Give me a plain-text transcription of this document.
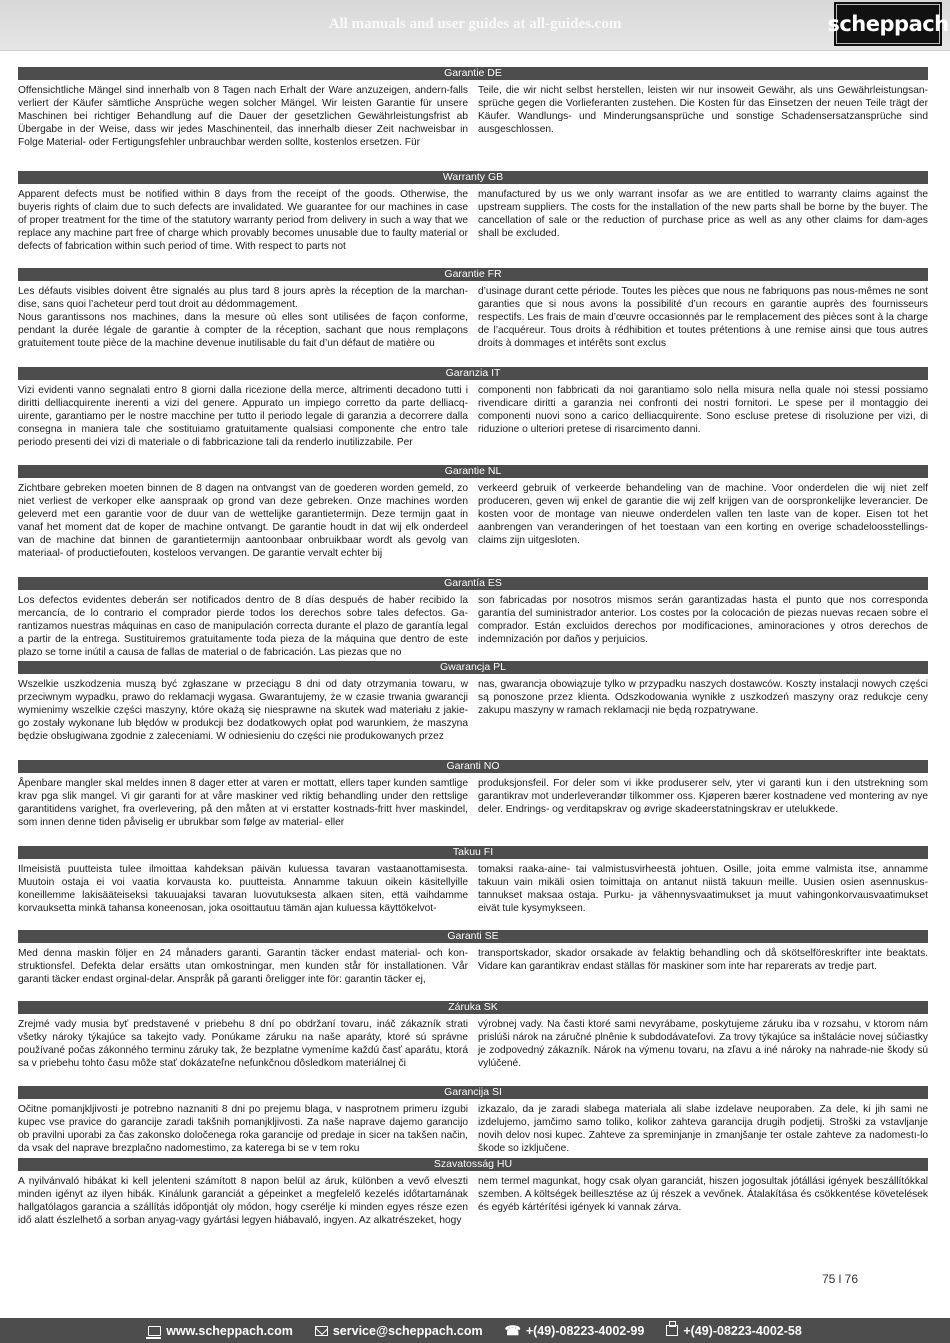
All manuals and user guides at all-guides.com	scheppach
Garantie DE

Offensichtliche Mängel sind innerhalb von 8 Tagen nach Erhalt der Ware anzuzeigen, andern-falls verliert der Käufer sämtliche Ansprüche wegen solcher Mängel. Wir leisten Garantie für unsere Maschinen bei richtiger Behandlung auf die Dauer der gesetzlichen Gewährleistungsfrist ab Übergabe in der Weise, dass wir jedes Maschinenteil, das innerhalb dieser Zeit nachweisbar in Folge Material- oder Fertigungsfehler unbrauchbar werden sollte, kostenlos ersetzen. Für

Teile, die wir nicht selbst herstellen, leisten wir nur insoweit Gewähr, als uns Gewährleistungsan-sprüche gegen die Vorlieferanten zustehen. Die Kosten für das Einsetzen der neuen Teile trägt der Käufer. Wandlungs- und Minderungsansprüche und sonstige Schadensersatzansprüche sind ausgeschlossen.

Warranty GB

Apparent defects must be notified within 8 days from the receipt of the goods. Otherwise, the buyeris rights of claim due to such defects are invalidated. We guarantee for our machines in case of proper treatment for the time of the statutory warranty period from delivery in such a way that we replace any machine part free of charge which provably becomes unusable due to faulty material or defects of fabrication within such period of time. With respect to parts not

manufactured by us we only warrant insofar as we are entitled to warranty claims against the upstream suppliers. The costs for the installation of the new parts shall be borne by the buyer. The cancellation of sale or the reduction of purchase price as well as any other claims for dam-ages shall be excluded.

Garantie FR

Les défauts visibles doivent être signalés au plus tard 8 jours après la réception de la marchan-dise, sans quoi l’acheteur perd tout droit au dédommagement.

Nous garantissons nos machines, dans la mesure où elles sont utilisées de façon conforme, pendant la durée légale de garantie à compter de la réception, sachant que nous remplaçons gratuitement toute pièce de la machine devenue inutilisable du fait d’un défaut de matière ou

d’usinage durant cette période. Toutes les pièces que nous ne fabriquons pas nous-mêmes ne sont garanties que si nous avons la possibilité d’un recours en garantie auprès des fournisseurs respectifs. Les frais de main d’œuvre occasionnés par le remplacement des pièces sont à la charge de l’acquéreur. Tous droits à rédhibition et toutes prétentions à une remise ainsi que tous autres droits à dommages et intérêts sont exclus

Garanzia IT

Vizi evidenti vanno segnalati entro 8 giorni dalla ricezione della merce, altrimenti decadono tutti i diritti delliacquirente inerenti a vizi del genere. Appurato un impiego corretto da parte delliacq-uirente, garantiamo per le nostre macchine per tutto il periodo legale di garanzia a decorrere dalla consegna in maniera tale che sostituiamo gratuitamente qualsiasi componente che entro tale periodo presenti dei vizi di materiale o di fabbricazione tali da renderlo inutilizzabile. Per

componenti non fabbricati da noi garantiamo solo nella misura nella quale noi stessi possiamo rivendicare diritti a garanzia nei confronti dei nostri fornitori. Le spese per il montaggio dei componenti nuovi sono a carico delliacquirente. Sono escluse pretese di risoluzione per vizi, di riduzione o ulteriori pretese di risarcimento danni.

Garantie NL

Zichtbare gebreken moeten binnen de 8 dagen na ontvangst van de goederen worden gemeld, zo niet verliest de verkoper elke aanspraak op grond van deze gebreken. Onze machines worden geleverd met een garantie voor de duur van de wettelijke garantietermijn. Deze termijn gaat in vanaf het moment dat de koper de machine ontvangt. De garantie houdt in dat wij elk onderdeel van de machine dat binnen de garantietermijn aantoonbaar onbruikbaar wordt als gevolg van materiaal- of productiefouten, kosteloos vervangen. De garantie vervalt echter bij

verkeerd gebruik of verkeerde behandeling van de machine. Voor onderdelen die wij niet zelf produceren, geven wij enkel de garantie die wij zelf krijgen van de oorspronkelijke leverancier. De kosten voor de montage van nieuwe onderdelen vallen ten laste van de koper. Eisen tot het aanbrengen van veranderingen of het toestaan van een korting en overige schadeloosstellings-claims zijn uitgesloten.

Garantía ES

Los defectos evidentes deberán ser notificados dentro de 8 días después de haber recibido la mercancía, de lo contrario el comprador pierde todos los derechos sobre tales defectos. Ga-rantizamos nuestras máquinas en caso de manipulación correcta durante el plazo de garantía legal a partir de la entrega. Sustituiremos gratuitamente toda pieza de la máquina que dentro de este plazo se torne inútil a causa de fallas de material o de fabricación. Las piezas que no

son fabricadas por nosotros mismos serán garantizadas hasta el punto que nos corresponda garantía del suministrador anterior. Los costes por la colocación de piezas nuevas recaen sobre el comprador. Están excluidos derechos por modificaciones, aminoraciones y otros derechos de indemnización por daños y perjuicios.

Gwarancja PL

Wszelkie uszkodzenia muszą być zgłaszane w przeciągu 8 dni od daty otrzymania towaru, w przeciwnym wypadku, prawo do reklamacji wygasa. Gwarantujemy, że w czasie trwania gwarancji wymienimy wszelkie części maszyny, które okażą się niesprawne na skutek wad materiału z jakie-go zostały wykonane lub błędów w produkcji bez dodatkowych opłat pod warunkiem, że maszyna będzie obsługiwana zgodnie z zaleceniami. W odniesieniu do części nie produkowanych przez

nas, gwarancja obowiązuje tylko w przypadku naszych dostawców. Koszty instalacji nowych części są ponoszone przez klienta. Odszkodowania wynikłe z uszkodzeń maszyny oraz redukcje ceny zakupu maszyny w ramach reklamacji nie będą rozpatrywane.

Garanti NO

Åpenbare mangler skal meldes innen 8 dager etter at varen er mottatt, ellers taper kunden samtlige krav pga slik mangel. Vi gir garanti for at våre maskiner ved riktig behandling under den rettslige garantitidens varighet, fra overlevering, på den måten at vi erstatter kostnads-fritt hver maskindel, som innen denne tiden påviselig er ubrukbar som følge av material- eller

produksjonsfeil. For deler som vi ikke produserer selv, yter vi garanti kun i den utstrekning som garantikrav mot underleverandør tilkommer oss. Kjøperen bærer kostnadene ved montering av nye deler. Endrings- og verditapskrav og øvrige skadeerstatningskrav er utelukkede.

Takuu FI

Ilmeisistä puutteista tulee ilmoittaa kahdeksan päivän kuluessa tavaran vastaanottamisesta. Muutoin ostaja ei voi vaatia korvausta ko. puutteista. Annamme takuun oikein käsitellyille koneillemme lakisääteiseksi takuuajaksi tavaran luovutuksesta alkaen siten, että vaihdamme korvauksetta minkä tahansa koneenosan, joka osoittautuu tämän ajan kuluessa käyttökelvot-

tomaksi raaka-aine- tai valmistusvirheestä johtuen. Osille, joita emme valmista itse, annamme takuun vain mikäli osien toimittaja on antanut niistä takuun meille. Uusien osien asennuskus-tannukset maksaa ostaja. Purku- ja vähennysvaatimukset ja muut vahingonkorvausvaatimukset eivät tule kysymykseen.

Garanti SE

Med denna maskin följer en 24 månaders garanti. Garantin täcker endast material- och kon-struktionsfel. Defekta delar ersätts utan omkostningar, men kunden står för installationen. Vår garanti täcker endast orginal-delar. Anspråk på garanti ôreligger inte för: garantin täcker ej,

transportskador, skador orsakade av felaktig behandling och då skötselföreskrifter inte beaktats. Vidare kan garantikrav endast ställas för maskiner som inte har reparerats av tredje part.

Záruka SK

Zrejmé vady musia byť predstavené v priebehu 8 dní po obdržaní tovaru, ináč zákazník strati všetky nároky týkajúce sa takejto vady. Ponúkame záruku na naše aparáty, ktoré sú správne používané počas zákonného terminu záruky tak, že bezplatne vymeníme každú časť aparátu, ktorá sa v priebehu tohto času môže stať dokázateľne nefunkčnou dôsledkom materiálnej či

výrobnej vady. Na časti ktoré sami nevyrábame, poskytujeme záruku iba v rozsahu, v ktorom nám prislúši nárok na záručné plnênie k subdodávateľovi. Za trovy týkajúce sa inštalácie novej súčiastky je zodpovedný zákazník. Nárok na výmenu tovaru, na zľavu a iné nároky na nahrade-nie škody sú vylúčené.

Garancija SI

Očitne pomanjkljivosti je potrebno naznaniti 8 dni po prejemu blaga, v nasprotnem primeru izgubi kupec vse pravice do garancije zaradi takšnih pomanjkljivosti. Za naše naprave dajemo garancijo ob pravilni uporabi za čas zakonsko določenega roka garancije od predaje in sicer na takšen način, da vsak del naprave brezplačno nadomestimo, za katerega bi se v tem roku

izkazalo, da je zaradi slabega materiala ali slabe izdelave neuporaben. Za dele, ki jih sami ne izdelujemo, jamčimo samo toliko, kolikor zahteva garancija drugih podjetij. Stroški za vstavljanje novih delov nosi kupec. Zahteve za spreminjanje in zmanjšanje ter ostale zahteve za nadomestı-lo škode so izključene.

Szavatosság HU

A nyilvánvaló hibákat ki kell jelenteni számított 8 napon belül az áruk, különben a vevő elveszti minden igényt az ilyen hibák. Kinálunk garanciát a gépeinket a megfelelő kezelés időtartamának hallgatólagos garancia a szállítás időpontját oly módon, hogy cserélje ki minden egyes része ezen idő alatt észlelhető a sorban anyag-vagy gyártási legyen hiábavaló, ingyen. Az alkatrészeket, hogy

nem termel magunkat, hogy csak olyan garanciát, hiszen jogosultak jótállási igények beszállítókkal szemben. A költségek beillesztése az új részek a vevőnek. Átalakítása és csökkentése követelések és egyéb kártérítési igények ki vannak zárva.

75 l 76
www.scheppach.com	service@scheppach.com ☎ +(49)-08223-4002-99	+(49)-08223-4002-58
